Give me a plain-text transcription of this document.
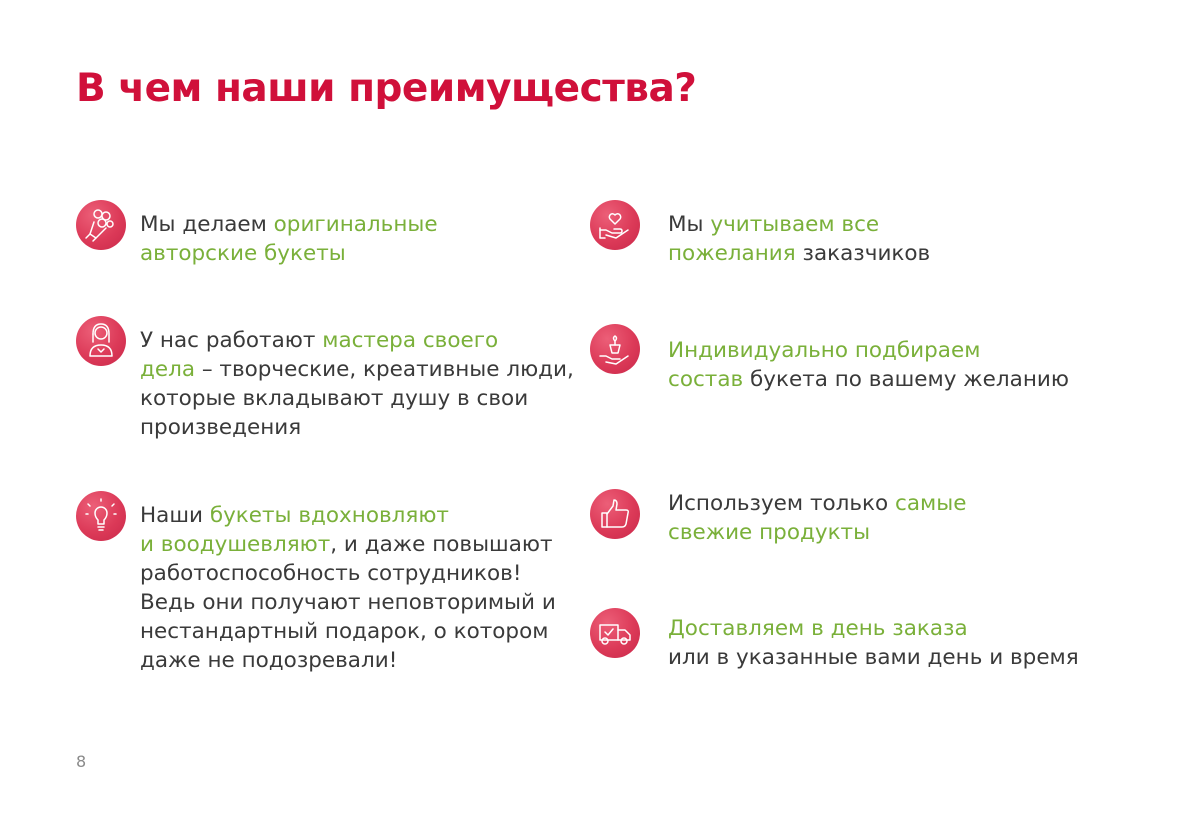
В чем наши преимущества?

Мы делаем оригинальные
авторские букеты

У нас работают мастера своего
дела – творческие, креативные люди, которые вкладывают душу в свои произведения

Наши букеты вдохновляют
и воодушевляют, и даже повышают работоспособность сотрудников! Ведь они получают неповторимый и нестандартный подарок, о котором даже не подозревали!

Мы учитываем все
пожелания заказчиков

Индивидуально подбираем
состав букета по вашему желанию

Используем только самые
свежие продукты

Доставляем в день заказа
или в указанные вами день и время

8
